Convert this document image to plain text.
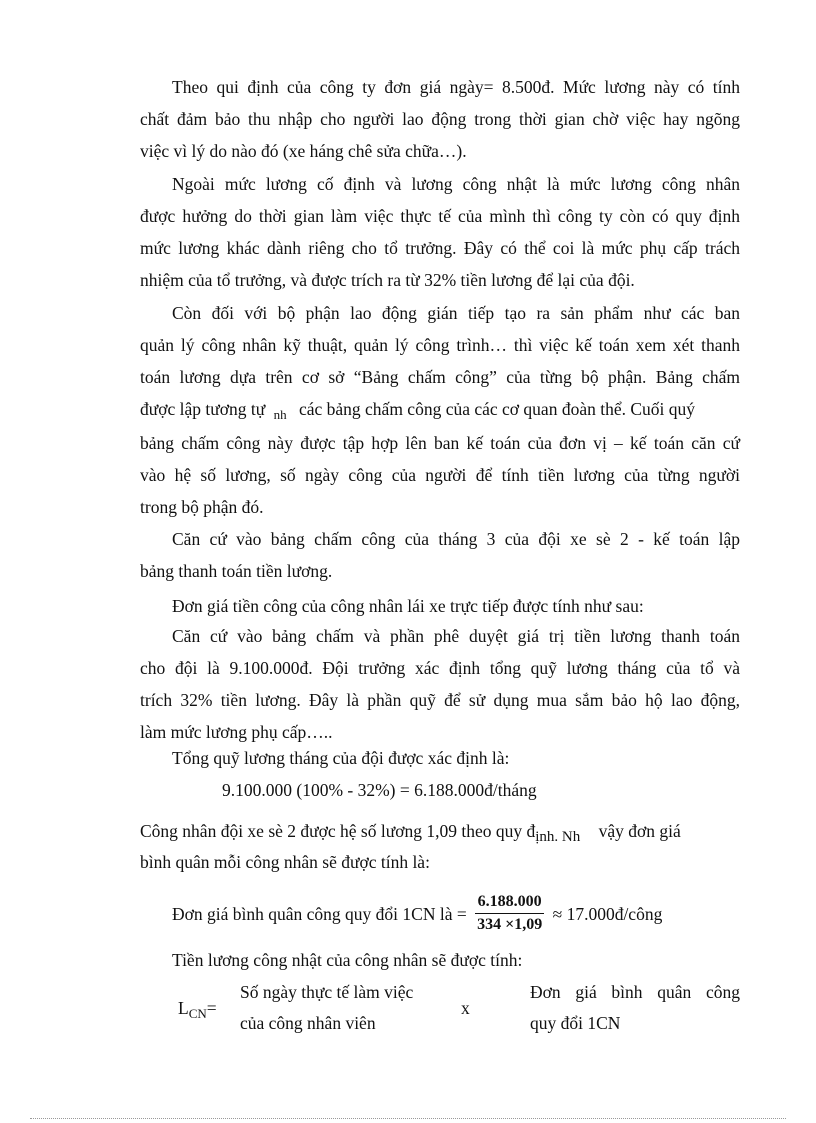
Theo qui định của công ty đơn giá ngày= 8.500đ. Mức lương này có tính
chất đảm bảo thu nhập cho người lao động trong thời gian chờ việc hay ngõng
việc vì lý do nào đó (xe háng chê sửa chữa…).
Ngoài mức lương cố định và lương công nhật là mức lương công nhân
được hưởng do thời gian làm việc thực tế của mình thì công ty còn có quy định
mức lương khác dành riêng cho tổ trưởng. Đây có thể coi là mức phụ cấp trách
nhiệm của tổ trưởng, và được trích ra từ 32% tiền lương để lại của đội.
Còn đối với bộ phận lao động gián tiếp tạo ra sản phẩm như các ban
quản lý công nhân kỹ thuật, quản lý công trình… thì việc kế toán xem xét thanh
toán lương dựa trên cơ sở “Bảng chấm công” của từng bộ phận. Bảng chấm
được lập tương tự $_{nh}$ các bảng chấm công của các cơ quan đoàn thể. Cuối quý
bảng chấm công này được tập hợp lên ban kế toán của đơn vị – kế toán căn cứ
vào hệ số lương, số ngày công của người để tính tiền lương của từng người
trong bộ phận đó.
Căn cứ vào bảng chấm công của tháng 3 của đội xe sè 2 - kế toán lập
bảng thanh toán tiền lương.
Đơn giá tiền công của công nhân lái xe trực tiếp được tính như sau:
Căn cứ vào bảng chấm và phần phê duyệt giá trị tiền lương thanh toán
cho đội là 9.100.000đ. Đội trưởng xác định tổng quỹ lương tháng của tổ và
trích 32% tiền lương. Đây là phần quỹ để sử dụng mua sắm bảo hộ lao động,
làm mức lương phụ cấp…..
Tổng quỹ lương tháng của đội được xác định là:
9.100.000 (100% - 32%) = 6.188.000đ/tháng
Công nhân đội xe sè 2 được hệ số lương 1,09 theo quy định. Nh vậy đơn giá
bình quân mỗi công nhân sẽ được tính là:
Đơn giá bình quân công quy đổi 1CN là = $\frac{6.188.000}{334 \times 1,09}$ ≈ 17.000đ/công
Tiền lương công nhật của công nhân sẽ được tính:
$L_{CN}=$
Số ngày thực tế làm việc
của công nhân viên
x
Đơn giá bình quân công
quy đổi 1CN
